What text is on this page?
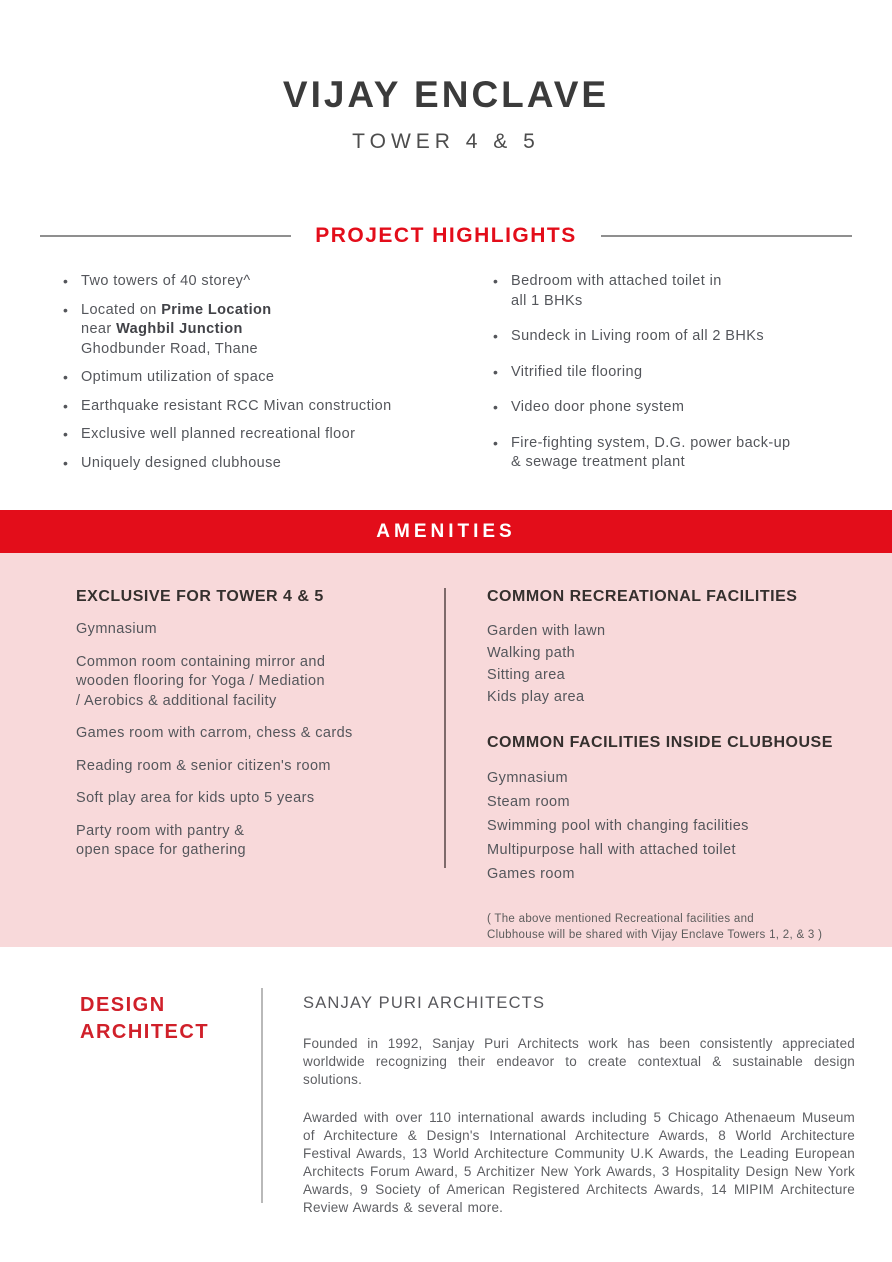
VIJAY ENCLAVE
TOWER 4 & 5
PROJECT HIGHLIGHTS
• Two towers of 40 storey^
• Located on Prime Location
near Waghbil Junction
Ghodbunder Road, Thane
• Optimum utilization of space
• Earthquake resistant RCC Mivan construction
• Exclusive well planned recreational floor
• Uniquely designed clubhouse
• Bedroom with attached toilet in
all 1 BHKs
• Sundeck in Living room of all 2 BHKs
• Vitrified tile flooring
• Video door phone system
• Fire-fighting system, D.G. power back-up
& sewage treatment plant
AMENITIES
EXCLUSIVE FOR TOWER 4 & 5
Gymnasium
Common room containing mirror and
wooden flooring for Yoga / Mediation
/ Aerobics & additional facility
Games room with carrom, chess & cards
Reading room & senior citizen's room
Soft play area for kids upto 5 years
Party room with pantry &
open space for gathering
COMMON RECREATIONAL FACILITIES
Garden with lawn
Walking path
Sitting area
Kids play area
COMMON FACILITIES INSIDE CLUBHOUSE
Gymnasium
Steam room
Swimming pool with changing facilities
Multipurpose hall with attached toilet
Games room
( The above mentioned Recreational facilities and
Clubhouse will be shared with Vijay Enclave Towers 1, 2, & 3 )
DESIGN
ARCHITECT
SANJAY PURI ARCHITECTS

Founded in 1992, Sanjay Puri Architects work has been consistently appreciated worldwide recognizing their endeavor to create contextual & sustainable design solutions.

Awarded with over 110 international awards including 5 Chicago Athenaeum Museum of Architecture & Design's International Architecture Awards, 8 World Architecture Festival Awards, 13 World Architecture Community U.K Awards, the Leading European Architects Forum Award, 5 Architizer New York Awards, 3 Hospitality Design New York Awards, 9 Society of American Registered Architects Awards, 14 MIPIM Architecture Review Awards & several more.
